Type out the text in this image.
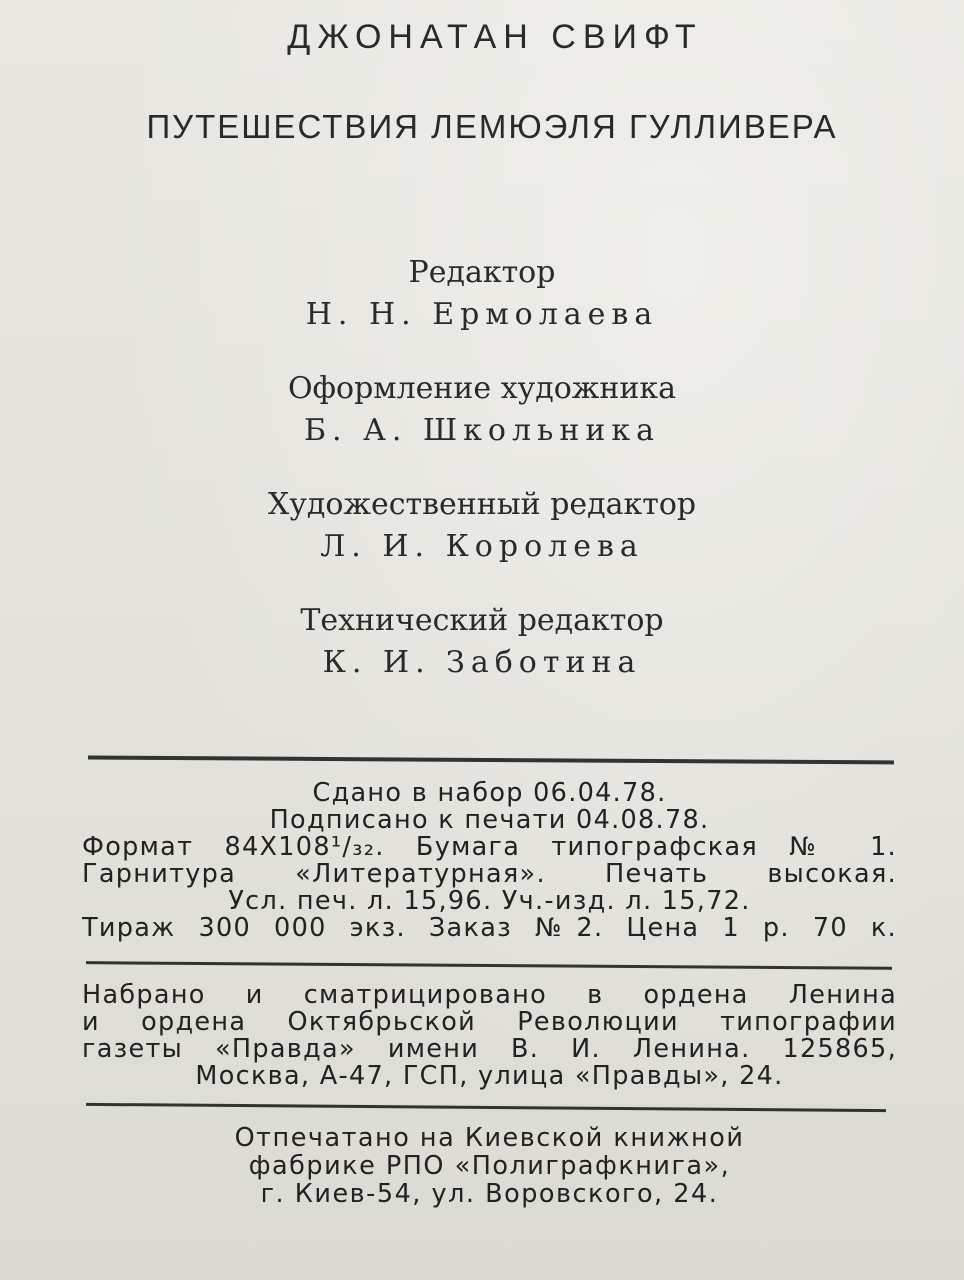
ДЖОНАТАН СВИФТ
ПУТЕШЕСТВИЯ ЛЕМЮЭЛЯ ГУЛЛИВЕРА
Редактор
Н. Н. Ермолаева
Оформление художника
Б. А. Школьника
Художественный редактор
Л. И. Королева
Технический редактор
К. И. Заботина
Сдано в набор 06.04.78.
Подписано к печати 04.08.78.
Формат 84Х108¹/₃₂. Бумага типографская № 1.
Гарнитура «Литературная». Печать высокая.
Усл. печ. л. 15,96. Уч.-изд. л. 15,72.
Тираж 300 000 экз. Заказ №2. Цена 1 р. 70 к.
Набрано и сматрицировано в ордена Ленина
и ордена Октябрьской Революции типографии
газеты «Правда» имени В. И. Ленина. 125865,
Москва, А-47, ГСП, улица «Правды», 24.
Отпечатано на Киевской книжной
фабрике РПО «Полиграфкнига»,
г. Киев-54, ул. Воровского, 24.
